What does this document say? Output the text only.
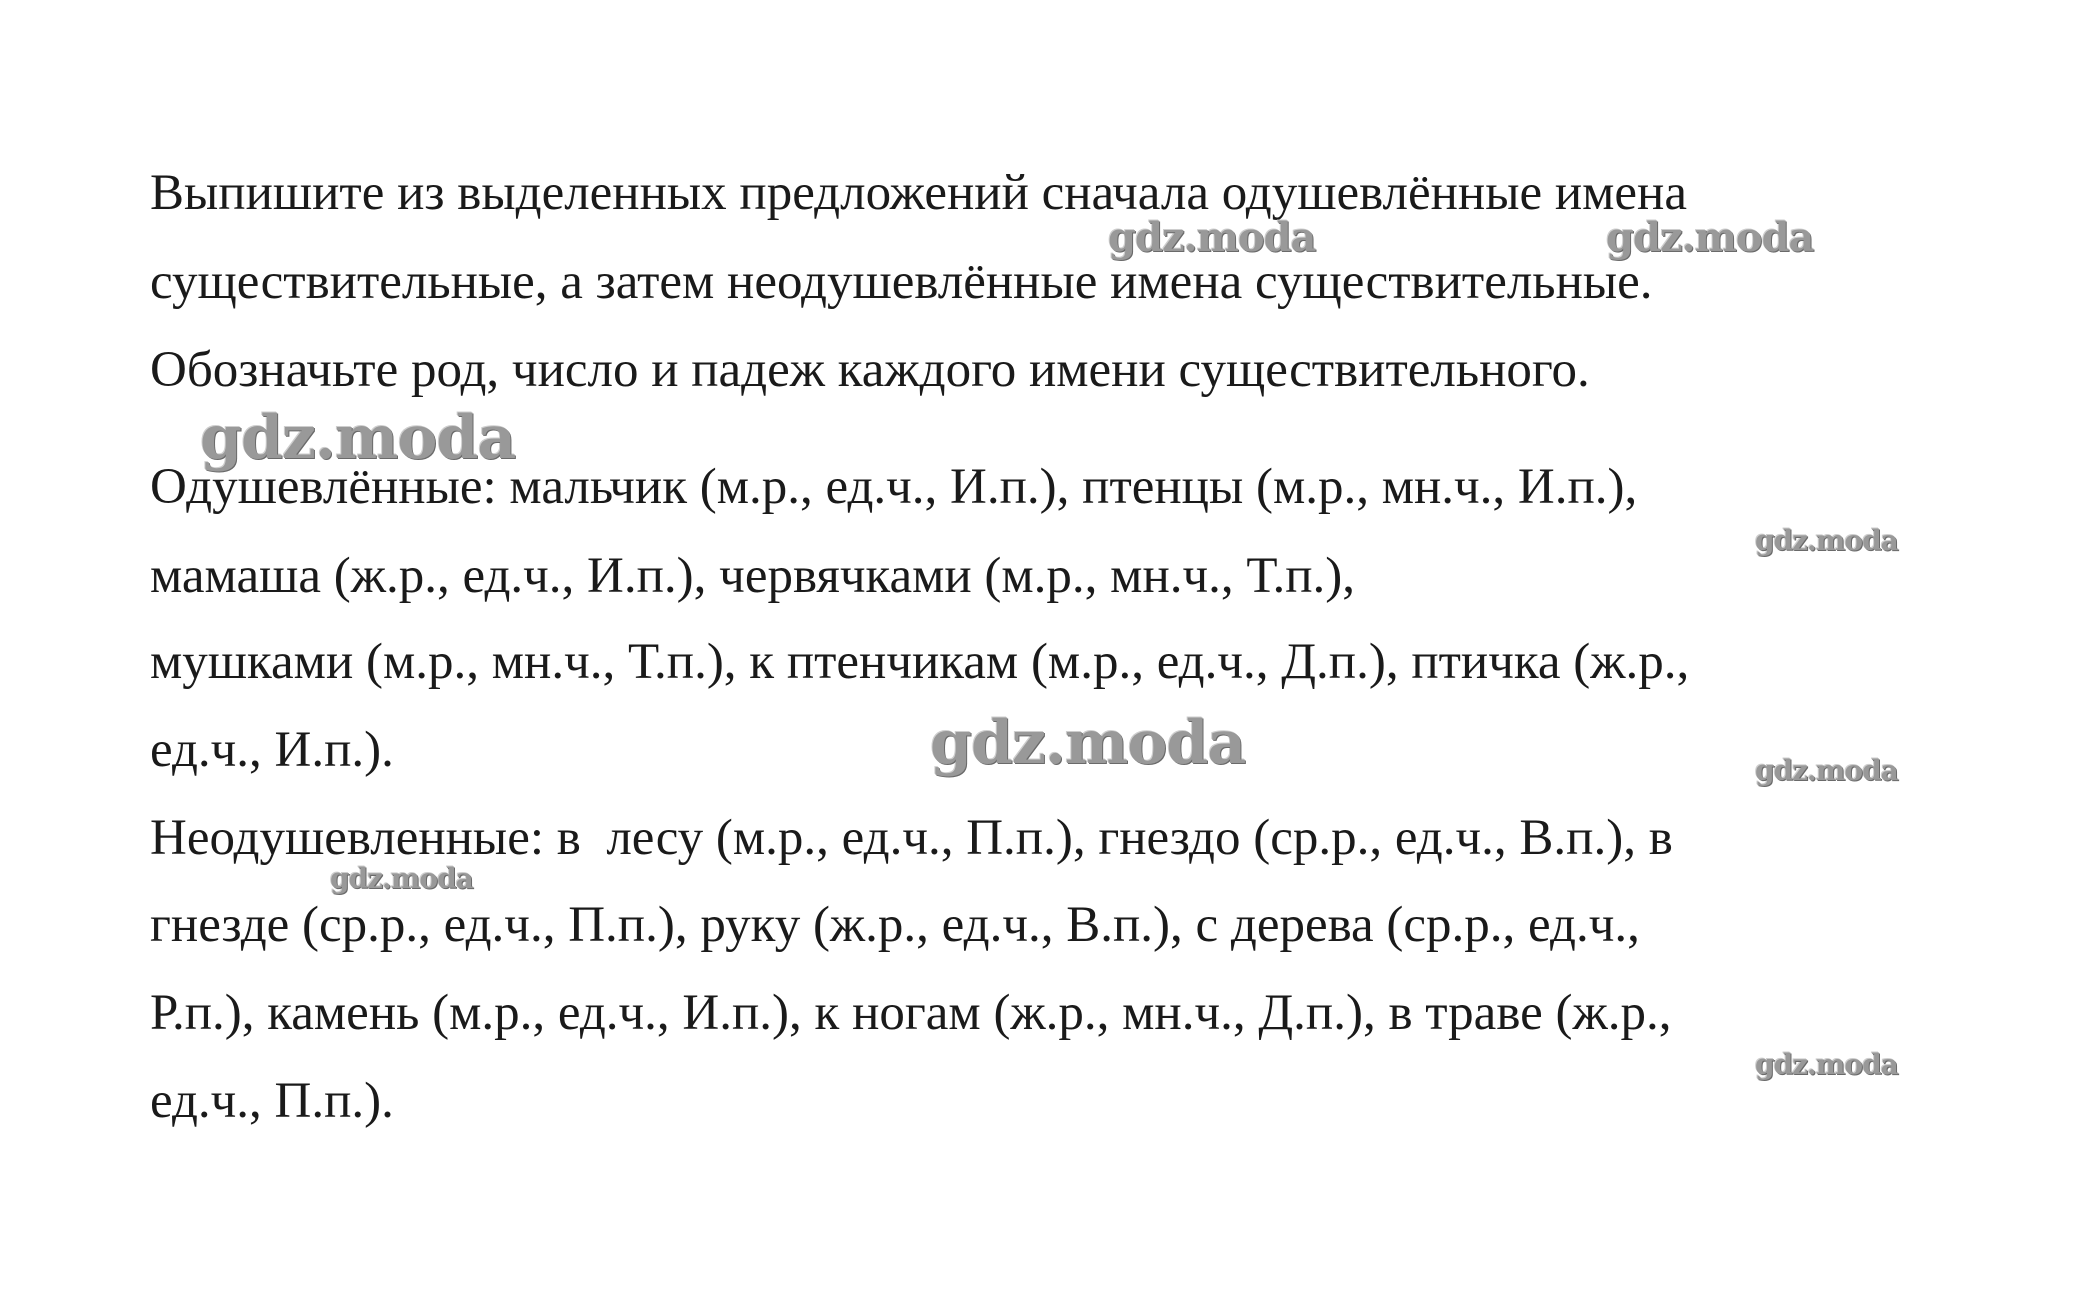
Выпишите из выделенных предложений сначала одушевлённые имена

существительные, а затем неодушевлённые имена существительные.

Обозначьте род, число и падеж каждого имени существительного.

Одушевлённые: мальчик (м.р., ед.ч., И.п.), птенцы (м.р., мн.ч., И.п.),

мамаша (ж.р., ед.ч., И.п.), червячками (м.р., мн.ч., Т.п.),

мушками (м.р., мн.ч., Т.п.), к птенчикам (м.р., ед.ч., Д.п.), птичка (ж.р.,

ед.ч., И.п.).

Неодушевленные: в  лесу (м.р., ед.ч., П.п.), гнездо (ср.р., ед.ч., В.п.), в

гнезде (ср.р., ед.ч., П.п.), руку (ж.р., ед.ч., В.п.), с дерева (ср.р., ед.ч.,

Р.п.), камень (м.р., ед.ч., И.п.), к ногам (ж.р., мн.ч., Д.п.), в траве (ж.р.,

ед.ч., П.п.).

gdz.moda	gdz.moda
gdz.moda
gdz.moda
gdz.moda	gdz.moda
gdz.moda
gdz.moda
